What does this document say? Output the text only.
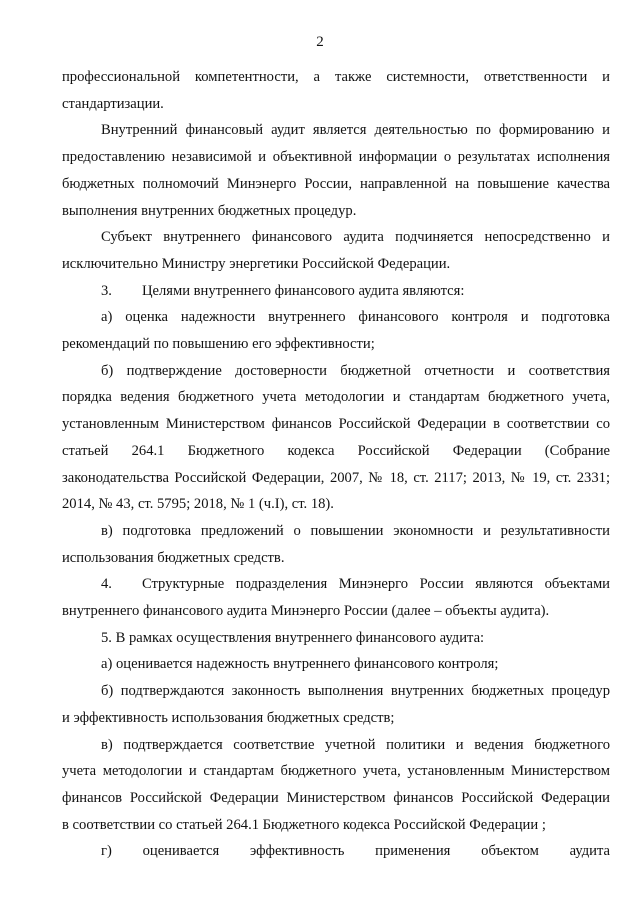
2

профессиональной компетентности, а также системности, ответственности и
стандартизации.

Внутренний финансовый аудит является деятельностью по формированию и
предоставлению независимой и объективной информации о результатах исполнения
бюджетных полномочий Минэнерго России, направленной на повышение качества
выполнения внутренних бюджетных процедур.

Субъект внутреннего финансового аудита подчиняется непосредственно и
исключительно Министру энергетики Российской Федерации.

3. Целями внутреннего финансового аудита являются:

а) оценка надежности внутреннего финансового контроля и подготовка
рекомендаций по повышению его эффективности;

б) подтверждение достоверности бюджетной отчетности и соответствия
порядка ведения бюджетного учета методологии и стандартам бюджетного учета,
установленным Министерством финансов Российской Федерации в соответствии со
статьей 264.1 Бюджетного кодекса Российской Федерации (Собрание
законодательства Российской Федерации, 2007, № 18, ст. 2117; 2013, № 19, ст. 2331;
2014, № 43, ст. 5795; 2018, № 1 (ч.I), ст. 18).

в) подготовка предложений о повышении экономности и результативности
использования бюджетных средств.

4. Структурные подразделения Минэнерго России являются объектами
внутреннего финансового аудита Минэнерго России (далее – объекты аудита).

5. В рамках осуществления внутреннего финансового аудита:

а) оценивается надежность внутреннего финансового контроля;

б) подтверждаются законность выполнения внутренних бюджетных процедур
и эффективность использования бюджетных средств;

в) подтверждается соответствие учетной политики и ведения бюджетного
учета методологии и стандартам бюджетного учета, установленным Министерством
финансов Российской Федерации Министерством финансов Российской Федерации
в соответствии со статьей 264.1 Бюджетного кодекса Российской Федерации ;

г) оценивается эффективность применения объектом аудита
